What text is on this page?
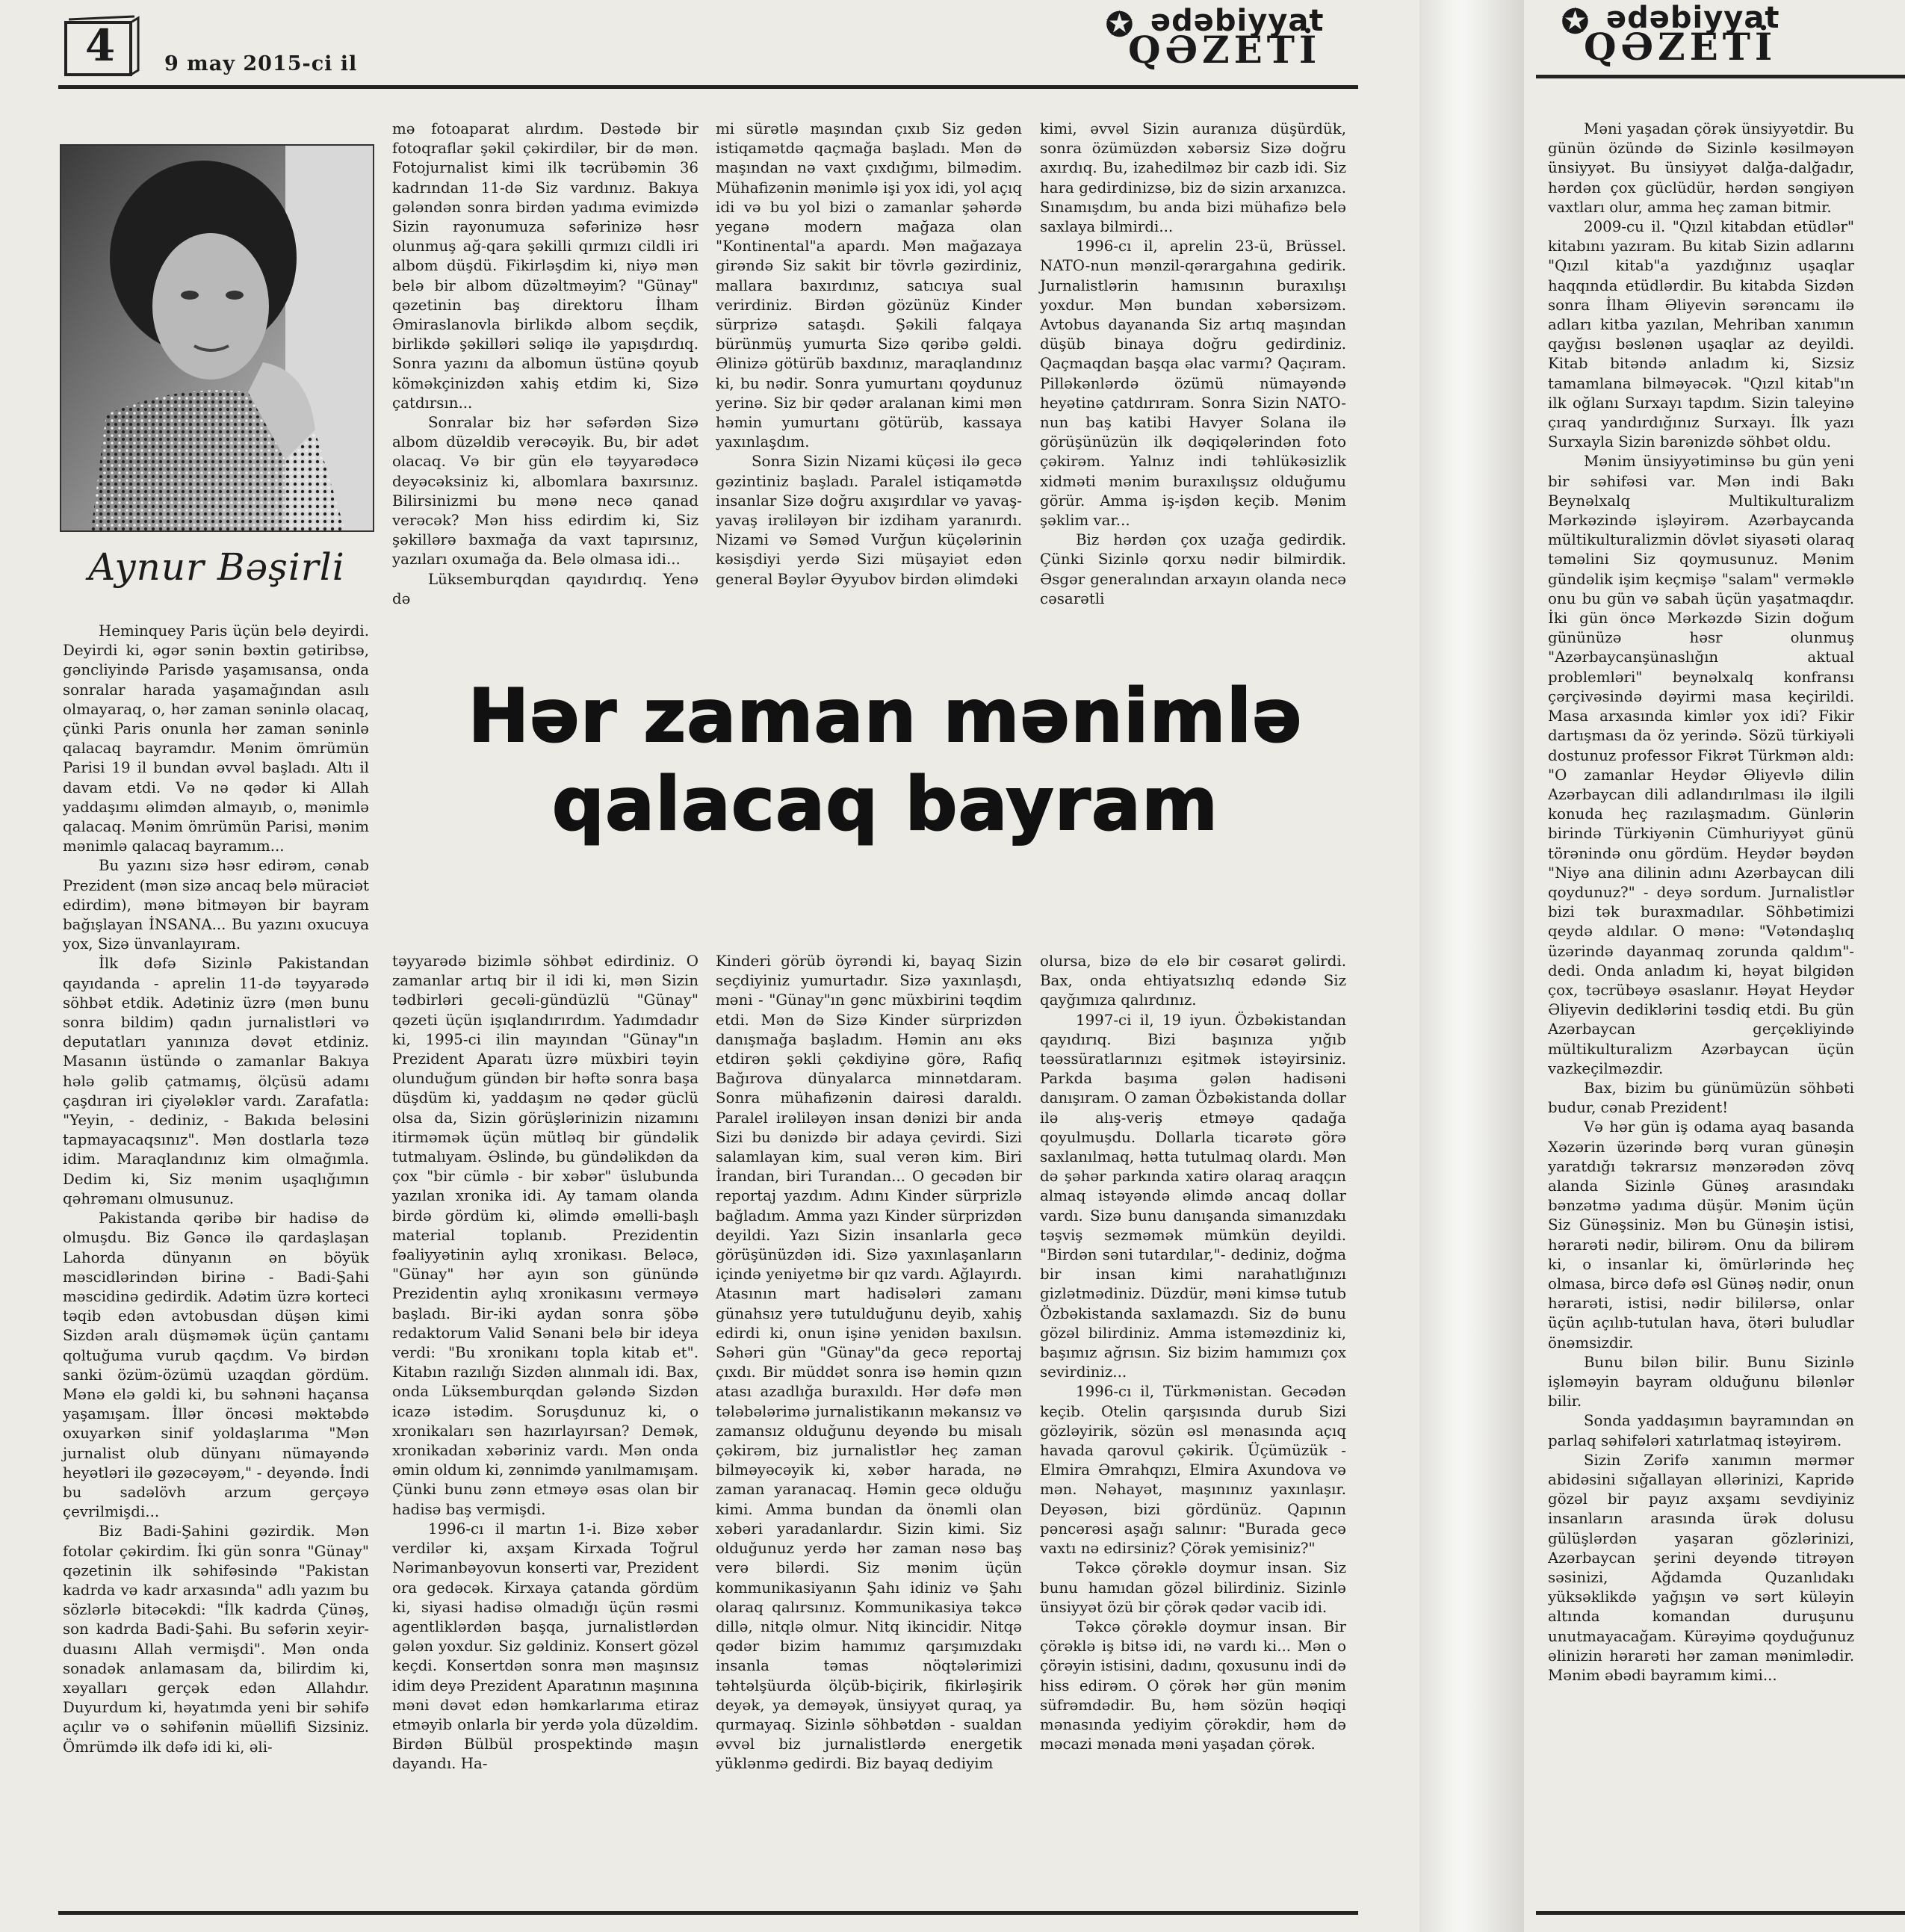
4	9 may 2015-ci il
✪ ədəbiyyat
QƏZETİ
✪ ədəbiyyat
QƏZETİ
Aynur Bəşirli

Heminquey Paris üçün belə deyirdi. Deyirdi ki, əgər sənin bəxtin gətiribsə, gəncliyində Parisdə yaşamısansa, onda sonralar harada yaşamağından asılı olmayaraq, o, hər zaman səninlə olacaq, çünki Paris onunla hər zaman səninlə qalacaq bayramdır. Mənim ömrümün Parisi 19 il bundan əvvəl başladı. Altı il davam etdi. Və nə qədər ki Allah yaddaşımı əlimdən almayıb, o, mənimlə qalacaq. Mənim ömrümün Parisi, mənim mənimlə qalacaq bayramım...

Bu yazını sizə həsr edirəm, cənab Prezident (mən sizə ancaq belə müraciət edirdim), mənə bitməyən bir bayram bağışlayan İNSANA... Bu yazını oxucuya yox, Sizə ünvanlayıram.

İlk dəfə Sizinlə Pakistandan qayıdanda - aprelin 11-də təyyarədə söhbət etdik. Adətiniz üzrə (mən bunu sonra bildim) qadın jurnalistləri və deputatları yanınıza dəvət etdiniz. Masanın üstündə o zamanlar Bakıya hələ gəlib çatmamış, ölçüsü adamı çaşdıran iri çiyələklər vardı. Zarafatla: "Yeyin, - dediniz, - Bakıda beləsini tapmayacaqsınız". Mən dostlarla təzə idim. Maraqlandınız kim olmağımla. Dedim ki, Siz mənim uşaqlığımın qəhrəmanı olmusunuz.

Pakistanda qəribə bir hadisə də olmuşdu. Biz Gəncə ilə qardaşlaşan Lahorda dünyanın ən böyük məscidlərindən birinə - Badi-Şahi məscidinə gedirdik. Adətim üzrə korteci təqib edən avtobusdan düşən kimi Sizdən aralı düşməmək üçün çantamı qoltuğuma vurub qaçdım. Və birdən sanki özüm-özümü uzaqdan gördüm. Mənə elə gəldi ki, bu səhnəni haçansa yaşamışam. İllər öncəsi məktəbdə oxuyarkən sinif yoldaşlarıma "Mən jurnalist olub dünyanı nümayəndə heyətləri ilə gəzəcəyəm," - deyəndə. İndi bu sadəlövh arzum gerçəyə çevrilmişdi...

Biz Badi-Şahini gəzirdik. Mən fotolar çəkirdim. İki gün sonra "Günay" qəzetinin ilk səhifəsində "Pakistan kadrda və kadr arxasında" adlı yazım bu sözlərlə bitəcəkdi: "İlk kadrda Çünəş, son kadrda Badi-Şahi. Bu səfərin xeyir-duasını Allah vermişdi". Mən onda sonadək anlamasam da, bilirdim ki, xəyalları gerçək edən Allahdır. Duyurdum ki, həyatımda yeni bir səhifə açılır və o səhifənin müəllifi Sizsiniz. Ömrümdə ilk dəfə idi ki, əli-

mə fotoaparat alırdım. Dəstədə bir fotoqraflar şəkil çəkirdilər, bir də mən. Fotojurnalist kimi ilk təcrübəmin 36 kadrından 11-də Siz vardınız. Bakıya gələndən sonra birdən yadıma evimizdə Sizin rayonumuza səfərinizə həsr olunmuş ağ-qara şəkilli qırmızı cildli iri albom düşdü. Fikirləşdim ki, niyə mən belə bir albom düzəltməyim? "Günay" qəzetinin baş direktoru İlham Əmiraslanovla birlikdə albom seçdik, birlikdə şəkilləri səliqə ilə yapışdırdıq. Sonra yazını da albomun üstünə qoyub köməkçinizdən xahiş etdim ki, Sizə çatdırsın...

Sonralar biz hər səfərdən Sizə albom düzəldib verəcəyik. Bu, bir adət olacaq. Və bir gün elə təyyarədəcə deyəcəksiniz ki, albomlara baxırsınız. Bilirsinizmi bu mənə necə qanad verəcək? Mən hiss edirdim ki, Siz şəkillərə baxmağa da vaxt tapırsınız, yazıları oxumağa da. Belə olmasa idi...

Lüksemburqdan qayıdırdıq. Yenə də

mi sürətlə maşından çıxıb Siz gedən istiqamətdə qaçmağa başladı. Mən də maşından nə vaxt çıxdığımı, bilmədim. Mühafizənin mənimlə işi yox idi, yol açıq idi və bu yol bizi o zamanlar şəhərdə yeganə modern mağaza olan "Kontinental"a apardı. Mən mağazaya girəndə Siz sakit bir tövrlə gəzirdiniz, mallara baxırdınız, satıcıya sual verirdiniz. Birdən gözünüz Kinder sürprizə sataşdı. Şəkili falqaya bürünmüş yumurta Sizə qəribə gəldi. Əlinizə götürüb baxdınız, maraqlandınız ki, bu nədir. Sonra yumurtanı qoydunuz yerinə. Siz bir qədər aralanan kimi mən həmin yumurtanı götürüb, kassaya yaxınlaşdım.

Sonra Sizin Nizami küçəsi ilə gecə gəzintiniz başladı. Paralel istiqamətdə insanlar Sizə doğru axışırdılar və yavaş-yavaş irəliləyən bir izdiham yaranırdı. Nizami və Səməd Vurğun küçələrinin kəsişdiyi yerdə Sizi müşayiət edən general Bəylər Əyyubov birdən əlimdəki

kimi, əvvəl Sizin auranıza düşürdük, sonra özümüzdən xəbərsiz Sizə doğru axırdıq. Bu, izahedilməz bir cazb idi. Siz hara gedirdinizsə, biz də sizin arxanızca. Sınamışdım, bu anda bizi mühafizə belə saxlaya bilmirdi...

1996-cı il, aprelin 23-ü, Brüssel. NATO-nun mənzil-qərargahına gedirik. Jurnalistlərin hamısının buraxılışı yoxdur. Mən bundan xəbərsizəm. Avtobus dayananda Siz artıq maşından düşüb binaya doğru gedirdiniz. Qaçmaqdan başqa əlac varmı? Qaçıram. Pilləkənlərdə özümü nümayəndə heyətinə çatdırıram. Sonra Sizin NATO-nun baş katibi Havyer Solana ilə görüşünüzün ilk dəqiqələrindən foto çəkirəm. Yalnız indi təhlükəsizlik xidməti mənim buraxılışsız olduğumu görür. Amma iş-işdən keçib. Mənim şəklim var...

Biz hərdən çox uzağa gedirdik. Çünki Sizinlə qorxu nədir bilmirdik. Əsgər generalından arxayın olanda necə cəsarətli

Hər zaman mənimlə
qalacaq bayram

təyyarədə bizimlə söhbət edirdiniz. O zamanlar artıq bir il idi ki, mən Sizin tədbirləri gecəli-gündüzlü "Günay" qəzeti üçün işıqlandırırdım. Yadımdadır ki, 1995-ci ilin mayından "Günay"ın Prezident Aparatı üzrə müxbiri təyin olunduğum gündən bir həftə sonra başa düşdüm ki, yaddaşım nə qədər güclü olsa da, Sizin görüşlərinizin nizamını itirməmək üçün mütləq bir gündəlik tutmalıyam. Əslində, bu gündəlikdən da çox "bir cümlə - bir xəbər" üslubunda yazılan xronika idi. Ay tamam olanda birdə gördüm ki, əlimdə əməlli-başlı material toplanıb. Prezidentin fəaliyyətinin aylıq xronikası. Beləcə, "Günay" hər ayın son günündə Prezidentin aylıq xronikasını verməyə başladı. Bir-iki aydan sonra şöbə redaktorum Valid Sənani belə bir ideya verdi: "Bu xronikanı topla kitab et". Kitabın razılığı Sizdən alınmalı idi. Bax, onda Lüksemburqdan gələndə Sizdən icazə istədim. Soruşdunuz ki, o xronikaları sən hazırlayırsan? Demək, xronikadan xəbəriniz vardı. Mən onda əmin oldum ki, zənnimdə yanılmamışam. Çünki bunu zənn etməyə əsas olan bir hadisə baş vermişdi.

1996-cı il martın 1-i. Bizə xəbər verdilər ki, axşam Kirxada Toğrul Nərimanbəyovun konserti var, Prezident ora gedəcək. Kirxaya çatanda gördüm ki, siyasi hadisə olmadığı üçün rəsmi agentliklərdən başqa, jurnalistlərdən gələn yoxdur. Siz gəldiniz. Konsert gözəl keçdi. Konsertdən sonra mən maşınsız idim deyə Prezident Aparatının maşınına məni dəvət edən həmkarlarıma etiraz etməyib onlarla bir yerdə yola düzəldim. Birdən Bülbül prospektində maşın dayandı. Ha-

Kinderi görüb öyrəndi ki, bayaq Sizin seçdiyiniz yumurtadır. Sizə yaxınlaşdı, məni - "Günay"ın gənc müxbirini təqdim etdi. Mən də Sizə Kinder sürprizdən danışmağa başladım. Həmin anı əks etdirən şəkli çəkdiyinə görə, Rafiq Bağırova dünyalarca minnətdaram. Sonra mühafizənin dairəsi daraldı. Paralel irəliləyən insan dənizi bir anda Sizi bu dənizdə bir adaya çevirdi. Sizi salamlayan kim, sual verən kim. Biri İrandan, biri Turandan... O gecədən bir reportaj yazdım. Adını Kinder sürprizlə bağladım. Amma yazı Kinder sürprizdən deyildi. Yazı Sizin insanlarla gecə görüşünüzdən idi. Sizə yaxınlaşanların içində yeniyetmə bir qız vardı. Ağlayırdı. Atasının mart hadisələri zamanı günahsız yerə tutulduğunu deyib, xahiş edirdi ki, onun işinə yenidən baxılsın. Səhəri gün "Günay"da gecə reportaj çıxdı. Bir müddət sonra isə həmin qızın atası azadlığa buraxıldı. Hər dəfə mən tələbələrimə jurnalistikanın məkansız və zamansız olduğunu deyəndə bu misalı çəkirəm, biz jurnalistlər heç zaman bilməyəcəyik ki, xəbər harada, nə zaman yaranacaq. Həmin gecə olduğu kimi. Amma bundan da önəmli olan xəbəri yaradanlardır. Sizin kimi. Siz olduğunuz yerdə hər zaman nəsə baş verə bilərdi. Siz mənim üçün kommunikasiyanın Şahı idiniz və Şahı olaraq qalırsınız. Kommunikasiya təkcə dillə, nitqlə olmur. Nitq ikincidir. Nitqə qədər bizim hamımız qarşımızdakı insanla təmas nöqtələrimizi təhtəlşüurda ölçüb-biçirik, fikirləşirik deyək, ya deməyək, ünsiyyət quraq, ya qurmayaq. Sizinlə söhbətdən - sualdan əvvəl biz jurnalistlərdə energetik yüklənmə gedirdi. Biz bayaq dediyim

olursa, bizə də elə bir cəsarət gəlirdi. Bax, onda ehtiyatsızlıq edəndə Siz qayğımıza qalırdınız.

1997-ci il, 19 iyun. Özbəkistandan qayıdırıq. Bizi başınıza yığıb təəssüratlarınızı eşitmək istəyirsiniz. Parkda başıma gələn hadisəni danışıram. O zaman Özbəkistanda dollar ilə alış-veriş etməyə qadağa qoyulmuşdu. Dollarla ticarətə görə saxlanılmaq, hətta tutulmaq olardı. Mən də şəhər parkında xatirə olaraq araqçın almaq istəyəndə əlimdə ancaq dollar vardı. Sizə bunu danışanda simanızdakı təşviş sezməmək mümkün deyildi. "Birdən səni tutardılar,"- dediniz, doğma bir insan kimi narahatlığınızı gizlətmədiniz. Düzdür, məni kimsə tutub Özbəkistanda saxlamazdı. Siz də bunu gözəl bilirdiniz. Amma istəməzdiniz ki, başımız ağrısın. Siz bizim hamımızı çox sevirdiniz...

1996-cı il, Türkmənistan. Gecədən keçib. Otelin qarşısında durub Sizi gözləyirik, sözün əsl mənasında açıq havada qarovul çəkirik. Üçümüzük - Elmira Əmrahqızı, Elmira Axundova və mən. Nəhayət, maşınınız yaxınlaşır. Deyəsən, bizi gördünüz. Qapının pəncərəsi aşağı salınır: "Burada gecə vaxtı nə edirsiniz? Çörək yemisiniz?"

Təkcə çörəklə doymur insan. Siz bunu hamıdan gözəl bilirdiniz. Sizinlə ünsiyyət özü bir çörək qədər vacib idi.

Təkcə çörəklə doymur insan. Bir çörəklə iş bitsə idi, nə vardı ki... Mən o çörəyin istisini, dadını, qoxusunu indi də hiss edirəm. O çörək hər gün mənim süfrəmdədir. Bu, həm sözün həqiqi mənasında yediyim çörəkdir, həm də məcazi mənada məni yaşadan çörək.

Məni yaşadan çörək ünsiyyətdir. Bu günün özündə də Sizinlə kəsilməyən ünsiyyət. Bu ünsiyyət dalğa-dalğadır, hərdən çox güclüdür, hərdən səngiyən vaxtları olur, amma heç zaman bitmir.

2009-cu il. "Qızıl kitabdan etüdlər" kitabını yazıram. Bu kitab Sizin adlarını "Qızıl kitab"a yazdığınız uşaqlar haqqında etüdlərdir. Bu kitabda Sizdən sonra İlham Əliyevin sərəncamı ilə adları kitba yazılan, Mehriban xanımın qayğısı bəslənən uşaqlar az deyildi. Kitab bitəndə anladım ki, Sizsiz tamamlana bilməyəcək. "Qızıl kitab"ın ilk oğlanı Surxayı tapdım. Sizin taleyinə çıraq yandırdığınız Surxayı. İlk yazı Surxayla Sizin barənizdə söhbət oldu.

Mənim ünsiyyətiminsə bu gün yeni bir səhifəsi var. Mən indi Bakı Beynəlxalq Multikulturalizm Mərkəzində işləyirəm. Azərbaycanda mültikulturalizmin dövlət siyasəti olaraq təməlini Siz qoymusunuz. Mənim gündəlik işim keçmişə "salam" verməklə onu bu gün və sabah üçün yaşatmaqdır. İki gün öncə Mərkəzdə Sizin doğum gününüzə həsr olunmuş "Azərbaycanşünaslığın aktual problemləri" beynəlxalq konfransı çərçivəsində dəyirmi masa keçirildi. Masa arxasında kimlər yox idi? Fikir dartışması da öz yerində. Sözü türkiyəli dostunuz professor Fikrət Türkmən aldı: "O zamanlar Heydər Əliyevlə dilin Azərbaycan dili adlandırılması ilə ilgili konuda heç razılaşmadım. Günlərin birində Türkiyənin Cümhuriyyət günü törənində onu gördüm. Heydər bəydən "Niyə ana dilinin adını Azərbaycan dili qoydunuz?" - deyə sordum. Jurnalistlər bizi tək buraxmadılar. Söhbətimizi qeydə aldılar. O mənə: "Vətəndaşlıq üzərində dayanmaq zorunda qaldım"- dedi. Onda anladım ki, həyat bilgidən çox, təcrübəyə əsaslanır. Həyat Heydər Əliyevin dediklərini təsdiq etdi. Bu gün Azərbaycan gerçəkliyində mültikulturalizm Azərbaycan üçün vazkeçilməzdir.

Bax, bizim bu günümüzün söhbəti budur, cənab Prezident!

Və hər gün iş odama ayaq basanda Xəzərin üzərində bərq vuran günəşin yaratdığı təkrarsız mənzərədən zövq alanda Sizinlə Günəş arasındakı bənzətmə yadıma düşür. Mənim üçün Siz Günəşsiniz. Mən bu Günəşin istisi, hərarəti nədir, bilirəm. Onu da bilirəm ki, o insanlar ki, ömürlərində heç olmasa, bircə dəfə əsl Günəş nədir, onun hərarəti, istisi, nədir bililərsə, onlar üçün açılıb-tutulan hava, ötəri buludlar önəmsizdir.

Bunu bilən bilir. Bunu Sizinlə işləməyin bayram olduğunu bilənlər bilir.

Sonda yaddaşımın bayramından ən parlaq səhifələri xatırlatmaq istəyirəm.

Sizin Zərifə xanımın mərmər abidəsini sığallayan əllərinizi, Kapridə gözəl bir payız axşamı sevdiyiniz insanların arasında ürək dolusu gülüşlərdən yaşaran gözlərinizi, Azərbaycan şerini deyəndə titrəyən səsinizi, Ağdamda Quzanlıdakı yüksəklikdə yağışın və sərt küləyin altında komandan duruşunu unutmayacağam. Kürəyimə qoyduğunuz əlinizin hərarəti hər zaman mənimlədir. Mənim əbədi bayramım kimi...
